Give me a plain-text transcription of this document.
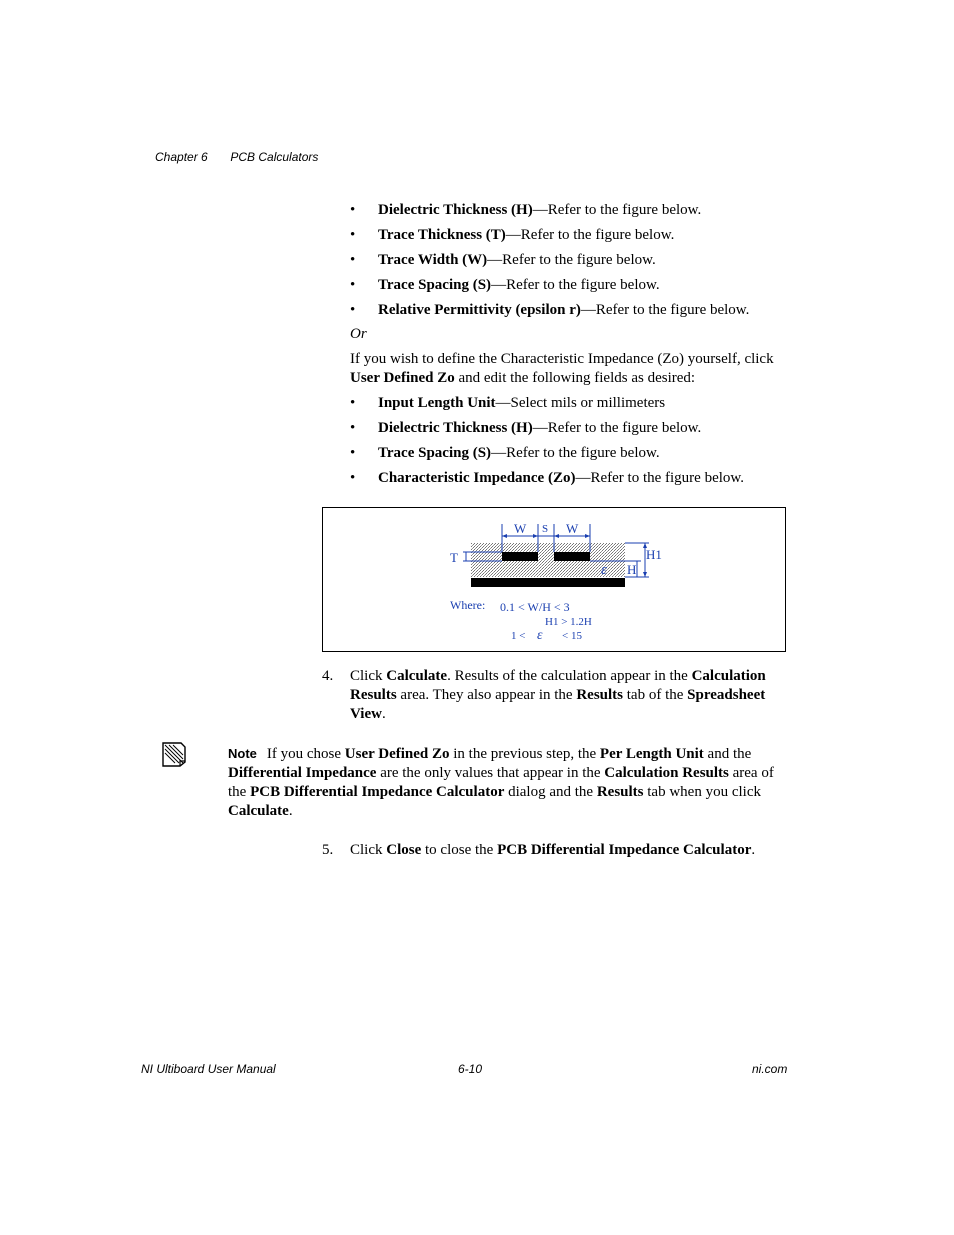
Chapter 6 PCB Calculators
• Dielectric Thickness (H)—Refer to the figure below.
• Trace Thickness (T)—Refer to the figure below.
• Trace Width (W)—Refer to the figure below.
• Trace Spacing (S)—Refer to the figure below.
• Relative Permittivity (epsilon r)—Refer to the figure below.
Or
If you wish to define the Characteristic Impedance (Zo) yourself, click User Defined Zo and edit the following fields as desired:
• Input Length Unit—Select mils or millimeters
• Dielectric Thickness (H)—Refer to the figure below.
• Trace Spacing (S)—Refer to the figure below.
• Characteristic Impedance (Zo)—Refer to the figure below.
W S W
T	H1
H
ε
Where: 0.1 < W/H < 3
H1 > 1.2H
1 < ε < 15
4. Click Calculate. Results of the calculation appear in the Calculation Results area. They also appear in the Results tab of the Spreadsheet View.
Note If you chose User Defined Zo in the previous step, the Per Length Unit and the Differential Impedance are the only values that appear in the Calculation Results area of the PCB Differential Impedance Calculator dialog and the Results tab when you click Calculate.
5. Click Close to close the PCB Differential Impedance Calculator.
NI Ultiboard User Manual	6-10	ni.com
